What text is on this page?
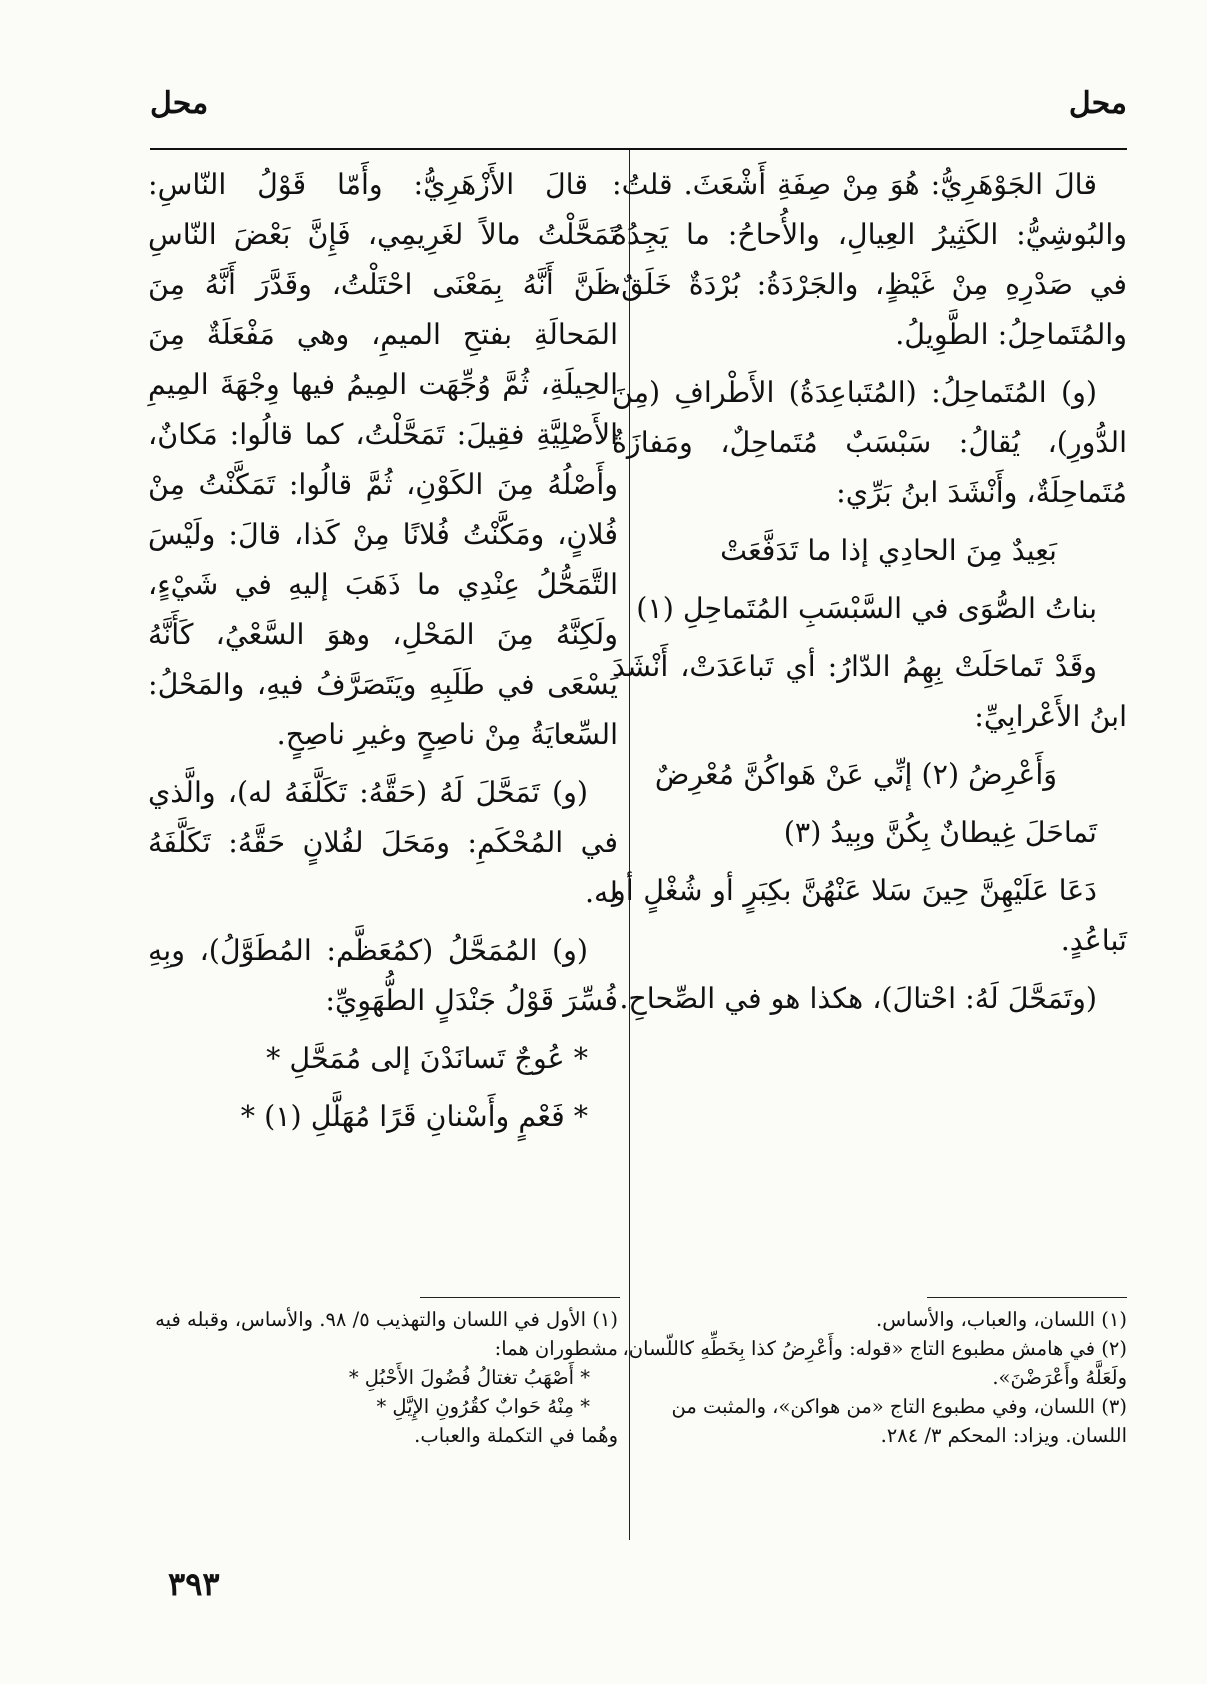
محل
محل

قالَ الجَوْهَرِيُّ: هُوَ مِنْ صِفَةِ أَشْعَثَ. قلتُ: والبُوشِيُّ: الكَثِيرُ العِيالِ، والأُحاحُ: ما يَجِدُهُ في صَدْرِهِ مِنْ غَيْظٍ، والجَرْدَةُ: بُرْدَةٌ خَلَقٌ، والمُتَماحِلُ: الطَّوِيلُ.

(و) المُتَماحِلُ: (المُتَباعِدَةُ) الأَطْرافِ (مِنَ الدُّورِ)، يُقالُ: سَبْسَبٌ مُتَماحِلٌ، ومَفازَةٌ مُتَماحِلَةٌ، وأَنْشَدَ ابنُ بَرِّي:

بَعِيدٌ مِنَ الحادِي إذا ما تَدَفَّعَتْ

بناتُ الصُّوَى في السَّبْسَبِ المُتَماحِلِ (١)

وقَدْ تَماحَلَتْ بِهِمُ الدّارُ: أي تَباعَدَتْ، أَنْشَدَ ابنُ الأَعْرابِيِّ:

وَأَعْرِضُ (٢) إنِّي عَنْ هَواكُنَّ مُعْرِضٌ

تَماحَلَ غِيطانٌ بِكُنَّ وبِيدُ (٣)

دَعَا عَلَيْهِنَّ حِينَ سَلا عَنْهُنَّ بكِبَرٍ أو شُغْلٍ أو تَباعُدٍ.

(وتَمَحَّلَ لَهُ: احْتالَ)، هكذا هو في الصِّحاحِ.

قالَ الأَزْهَرِيُّ: وأَمّا قَوْلُ النّاسِ: تَمَحَّلْتُ مالاً لغَرِيمِي، فَإِنَّ بَعْضَ النّاسِ ظَنَّ أَنَّهُ بِمَعْنَى احْتَلْتُ، وقَدَّرَ أَنَّهُ مِنَ المَحالَةِ بفتحِ الميمِ، وهي مَفْعَلَةٌ مِنَ الحِيلَةِ، ثُمَّ وُجِّهَت المِيمُ فيها وِجْهَةَ المِيمِ الأَصْلِيَّةِ فقِيلَ: تَمَحَّلْتُ، كما قالُوا: مَكانٌ، وأَصْلُهُ مِنَ الكَوْنِ، ثُمَّ قالُوا: تَمَكَّنْتُ مِنْ فُلانٍ، ومَكَّنْتُ فُلانًا مِنْ كَذا، قالَ: ولَيْسَ التَّمَحُّلُ عِنْدِي ما ذَهَبَ إليهِ في شَيْءٍ، ولَكِنَّهُ مِنَ المَحْلِ، وهوَ السَّعْيُ، كَأَنَّهُ يَسْعَى في طَلَبِهِ ويَتَصَرَّفُ فيهِ، والمَحْلُ: السِّعايَةُ مِنْ ناصِحٍ وغيرِ ناصِحٍ.

(و) تَمَحَّلَ لَهُ (حَقَّهُ: تَكَلَّفَهُ له)، والَّذي في المُحْكَمِ: ومَحَلَ لفُلانٍ حَقَّهُ: تَكَلَّفَهُ له.

(و) المُمَحَّلُ (كمُعَظَّم: المُطَوَّلُ)، وبِهِ فُسِّرَ قَوْلُ جَنْدَلٍ الطُّهَوِيِّ:

* عُوجٌ تَسانَدْنَ إلى مُمَحَّلِ *

* فَعْمٍ وأَسْنانِ قَرًا مُهَلَّلِ (١) *

(١) اللسان، والعباب، والأساس.

(٢) في هامش مطبوع التاج «قوله: وأَعْرِضُ كذا بِخَطِّهِ كاللّسان، ولَعَلَّهُ وأَعْرَضْنَ».

(٣) اللسان، وفي مطبوع التاج «من هواكن»، والمثبت من اللسان. ويزاد: المحكم ٣/ ٢٨٤.

(١) الأول في اللسان والتهذيب ٥/ ٩٨. والأساس، وقبله فيه مشطوران هما:

* أَصْهَبُ تغتالُ فُضُولَ الأَحْبُلِ *

* مِنْهُ حَوابٌ كقُرُونِ الإِيَّلِ *

وهُما في التكملة والعباب.

٣٩٣
